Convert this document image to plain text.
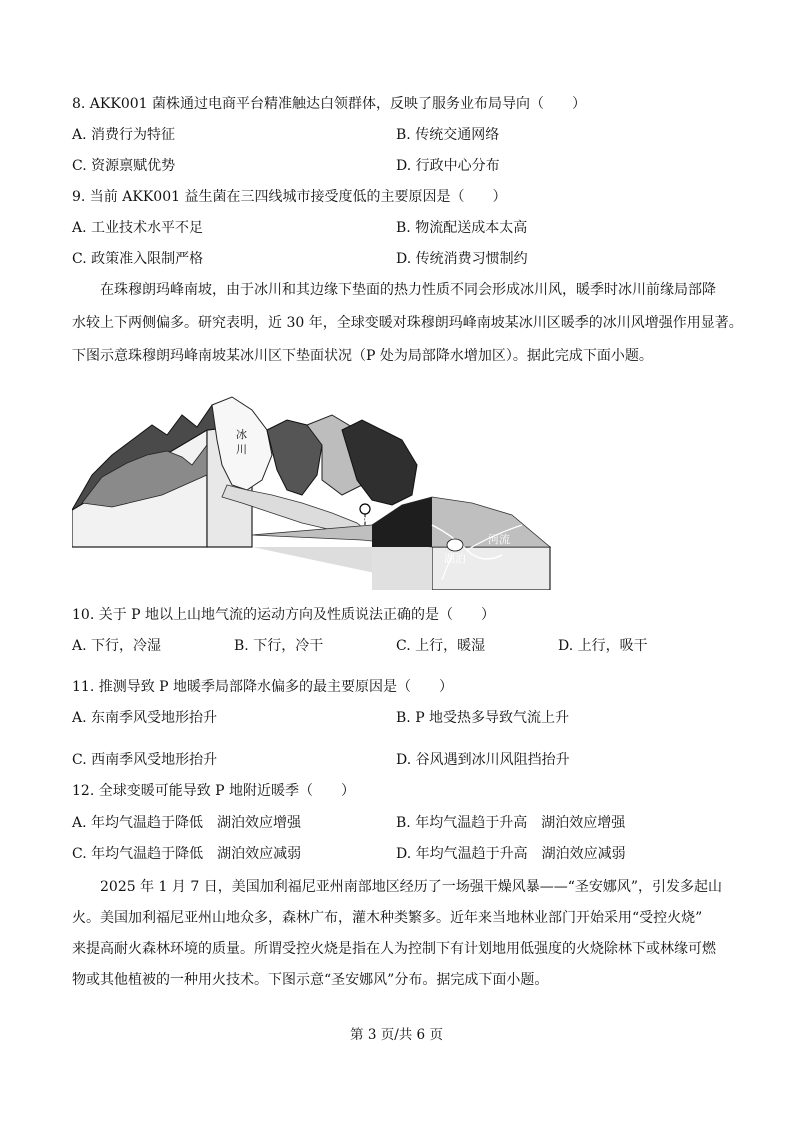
8. AKK001 菌株通过电商平台精准触达白领群体，反映了服务业布局导向（　　）
A. 消费行为特征	B. 传统交通网络
C. 资源禀赋优势	D. 行政中心分布
9. 当前 AKK001 益生菌在三四线城市接受度低的主要原因是（　　）
A. 工业技术水平不足	B. 物流配送成本太高
C. 政策准入限制严格	D. 传统消费习惯制约
在珠穆朗玛峰南坡，由于冰川和其边缘下垫面的热力性质不同会形成冰川风，暖季时冰川前缘局部降
水较上下两侧偏多。研究表明，近 30 年，全球变暖对珠穆朗玛峰南坡某冰川区暖季的冰川风增强作用显著。
下图示意珠穆朗玛峰南坡某冰川区下垫面状况（P 处为局部降水增加区）。据此完成下面小题。
冰
川
P
河流
湖泊
10. 关于 P 地以上山地气流的运动方向及性质说法正确的是（　　）
A. 下行，冷湿	B. 下行，冷干	C. 上行，暖湿	D. 上行，吸干
11. 推测导致 P 地暖季局部降水偏多的最主要原因是（　　）
A. 东南季风受地形抬升	B. P 地受热多导致气流上升
C. 西南季风受地形抬升	D. 谷风遇到冰川风阻挡抬升
12. 全球变暖可能导致 P 地附近暖季（　　）
A. 年均气温趋于降低　湖泊效应增强	B. 年均气温趋于升高　湖泊效应增强
C. 年均气温趋于降低　湖泊效应减弱	D. 年均气温趋于升高　湖泊效应减弱
2025 年 1 月 7 日，美国加利福尼亚州南部地区经历了一场强干燥风暴——“圣安娜风”，引发多起山
火。美国加利福尼亚州山地众多，森林广布，灌木种类繁多。近年来当地林业部门开始采用“受控火烧”
来提高耐火森林环境的质量。所谓受控火烧是指在人为控制下有计划地用低强度的火烧除林下或林缘可燃
物或其他植被的一种用火技术。下图示意“圣安娜风”分布。据完成下面小题。
第 3 页/共 6 页
